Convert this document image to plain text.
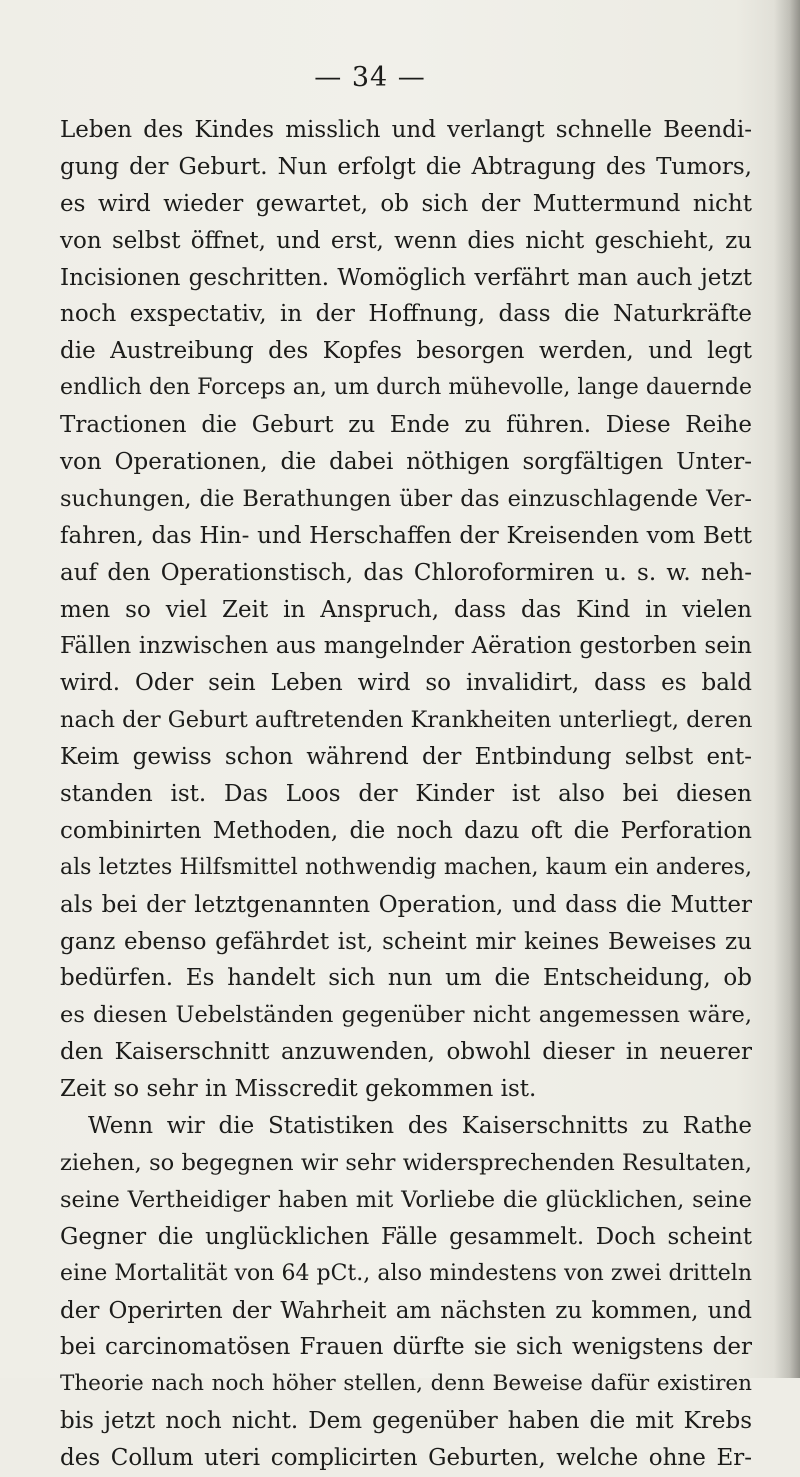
— 34 —
Leben des Kindes misslich und verlangt schnelle Beendi-
gung der Geburt. Nun erfolgt die Abtragung des Tumors,
es wird wieder gewartet, ob sich der Muttermund nicht
von selbst öffnet, und erst, wenn dies nicht geschieht, zu
Incisionen geschritten. Womöglich verfährt man auch jetzt
noch exspectativ, in der Hoffnung, dass die Naturkräfte
die Austreibung des Kopfes besorgen werden, und legt
endlich den Forceps an, um durch mühevolle, lange dauernde
Tractionen die Geburt zu Ende zu führen. Diese Reihe
von Operationen, die dabei nöthigen sorgfältigen Unter-
suchungen, die Berathungen über das einzuschlagende Ver-
fahren, das Hin- und Herschaffen der Kreisenden vom Bett
auf den Operationstisch, das Chloroformiren u. s. w. neh-
men so viel Zeit in Anspruch, dass das Kind in vielen
Fällen inzwischen aus mangelnder Aëration gestorben sein
wird. Oder sein Leben wird so invalidirt, dass es bald
nach der Geburt auftretenden Krankheiten unterliegt, deren
Keim gewiss schon während der Entbindung selbst ent-
standen ist. Das Loos der Kinder ist also bei diesen
combinirten Methoden, die noch dazu oft die Perforation
als letztes Hilfsmittel nothwendig machen, kaum ein anderes,
als bei der letztgenannten Operation, und dass die Mutter
ganz ebenso gefährdet ist, scheint mir keines Beweises zu
bedürfen. Es handelt sich nun um die Entscheidung, ob
es diesen Uebelständen gegenüber nicht angemessen wäre,
den Kaiserschnitt anzuwenden, obwohl dieser in neuerer
Zeit so sehr in Misscredit gekommen ist.
Wenn wir die Statistiken des Kaiserschnitts zu Rathe
ziehen, so begegnen wir sehr widersprechenden Resultaten,
seine Vertheidiger haben mit Vorliebe die glücklichen, seine
Gegner die unglücklichen Fälle gesammelt. Doch scheint
eine Mortalität von 64 pCt., also mindestens von zwei dritteln
der Operirten der Wahrheit am nächsten zu kommen, und
bei carcinomatösen Frauen dürfte sie sich wenigstens der
Theorie nach noch höher stellen, denn Beweise dafür existiren
bis jetzt noch nicht. Dem gegenüber haben die mit Krebs
des Collum uteri complicirten Geburten, welche ohne Er-
